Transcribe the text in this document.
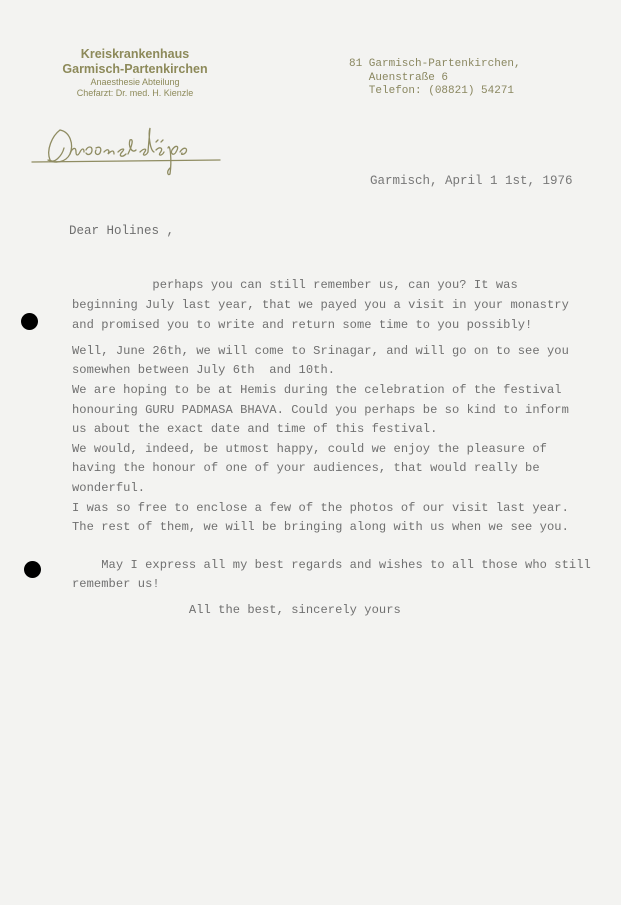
Kreiskrankenhaus
Garmisch-Partenkirchen
Anaesthesie Abteilung
Chefarzt: Dr. med. H. Kienzle
81 Garmisch-Partenkirchen,
Auenstraße 6
Telefon: (08821) 54271
Garmisch, April 1 1st, 1976
Dear Holines ,
perhaps you can still remember us, can you? It was
beginning July last year, that we payed you a visit in your monastry
and promised you to write and return some time to you possibly!
Well, June 26th, we will come to Srinagar, and will go on to see you
somewhen between July 6th  and 10th.
We are hoping to be at Hemis during the celebration of the festival
honouring GURU PADMASA BHAVA. Could you perhaps be so kind to inform
us about the exact date and time of this festival.
We would, indeed, be utmost happy, could we enjoy the pleasure of
having the honour of one of your audiences, that would really be
wonderful.
I was so free to enclose a few of the photos of our visit last year.
The rest of them, we will be bringing along with us when we see you.
May I express all my best regards and wishes to all those who still
remember us!
All the best, sincerely yours
